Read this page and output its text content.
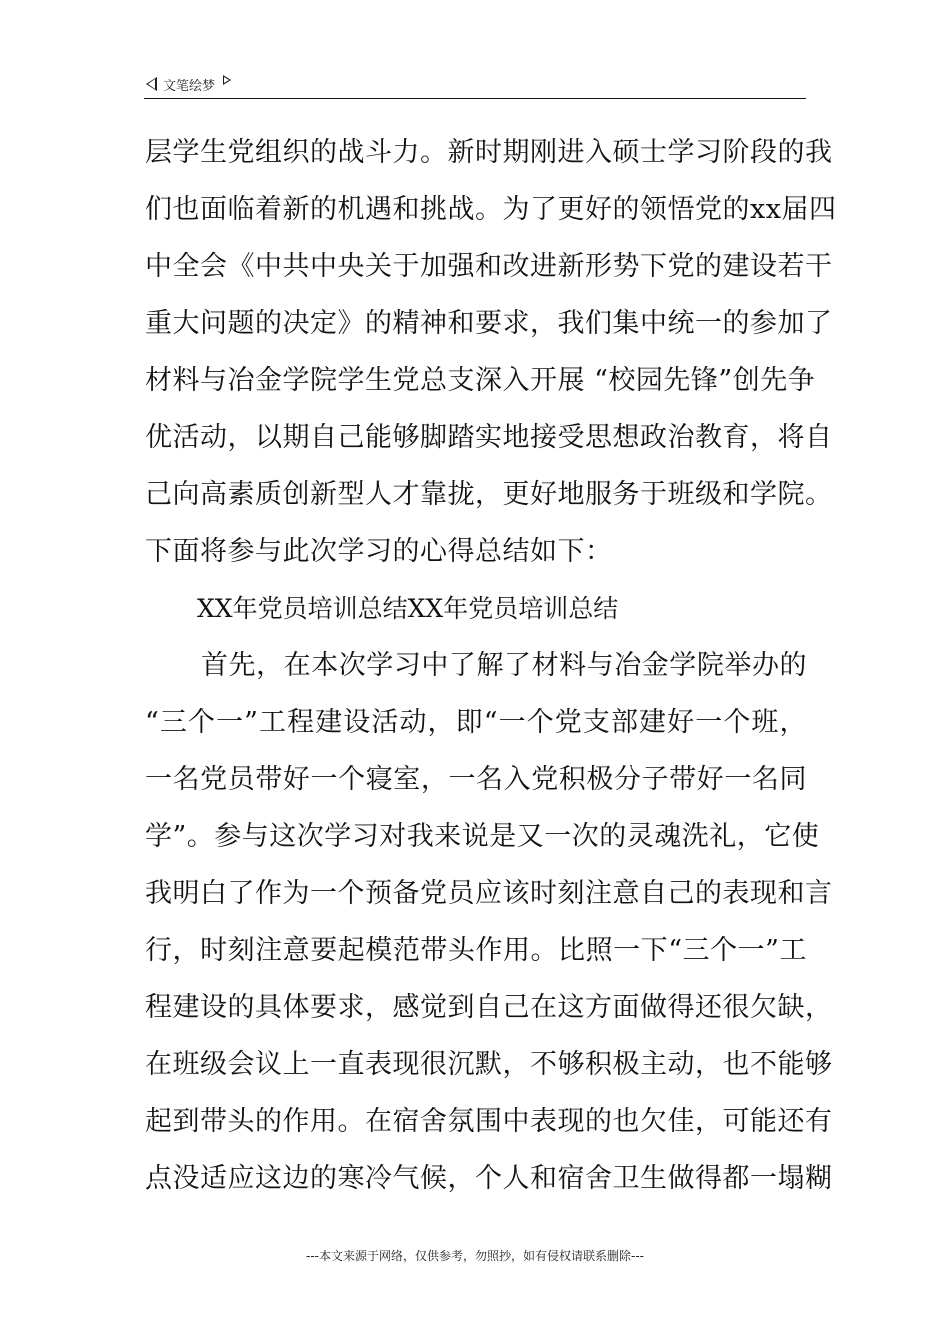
文笔绘梦
层学生党组织的战斗力。新时期刚进入硕士学习阶段的我
们也面临着新的机遇和挑战。为了更好的领悟党的xx届四
中全会《中共中央关于加强和改进新形势下党的建设若干
重大问题的决定》的精神和要求，我们集中统一的参加了
材料与冶金学院学生党总支深入开展 “校园先锋”创先争
优活动，以期自己能够脚踏实地接受思想政治教育，将自
己向高素质创新型人才靠拢，更好地服务于班级和学院。
下面将参与此次学习的心得总结如下：
XX年党员培训总结XX年党员培训总结
首先，在本次学习中了解了材料与冶金学院举办的
“三个一”工程建设活动，即“一个党支部建好一个班，
一名党员带好一个寝室，一名入党积极分子带好一名同
学”。参与这次学习对我来说是又一次的灵魂洗礼，它使
我明白了作为一个预备党员应该时刻注意自己的表现和言
行，时刻注意要起模范带头作用。比照一下“三个一”工
程建设的具体要求，感觉到自己在这方面做得还很欠缺，
在班级会议上一直表现很沉默，不够积极主动，也不能够
起到带头的作用。在宿舍氛围中表现的也欠佳，可能还有
点没适应这边的寒冷气候，个人和宿舍卫生做得都一塌糊
---本文来源于网络，仅供参考，勿照抄，如有侵权请联系删除---
